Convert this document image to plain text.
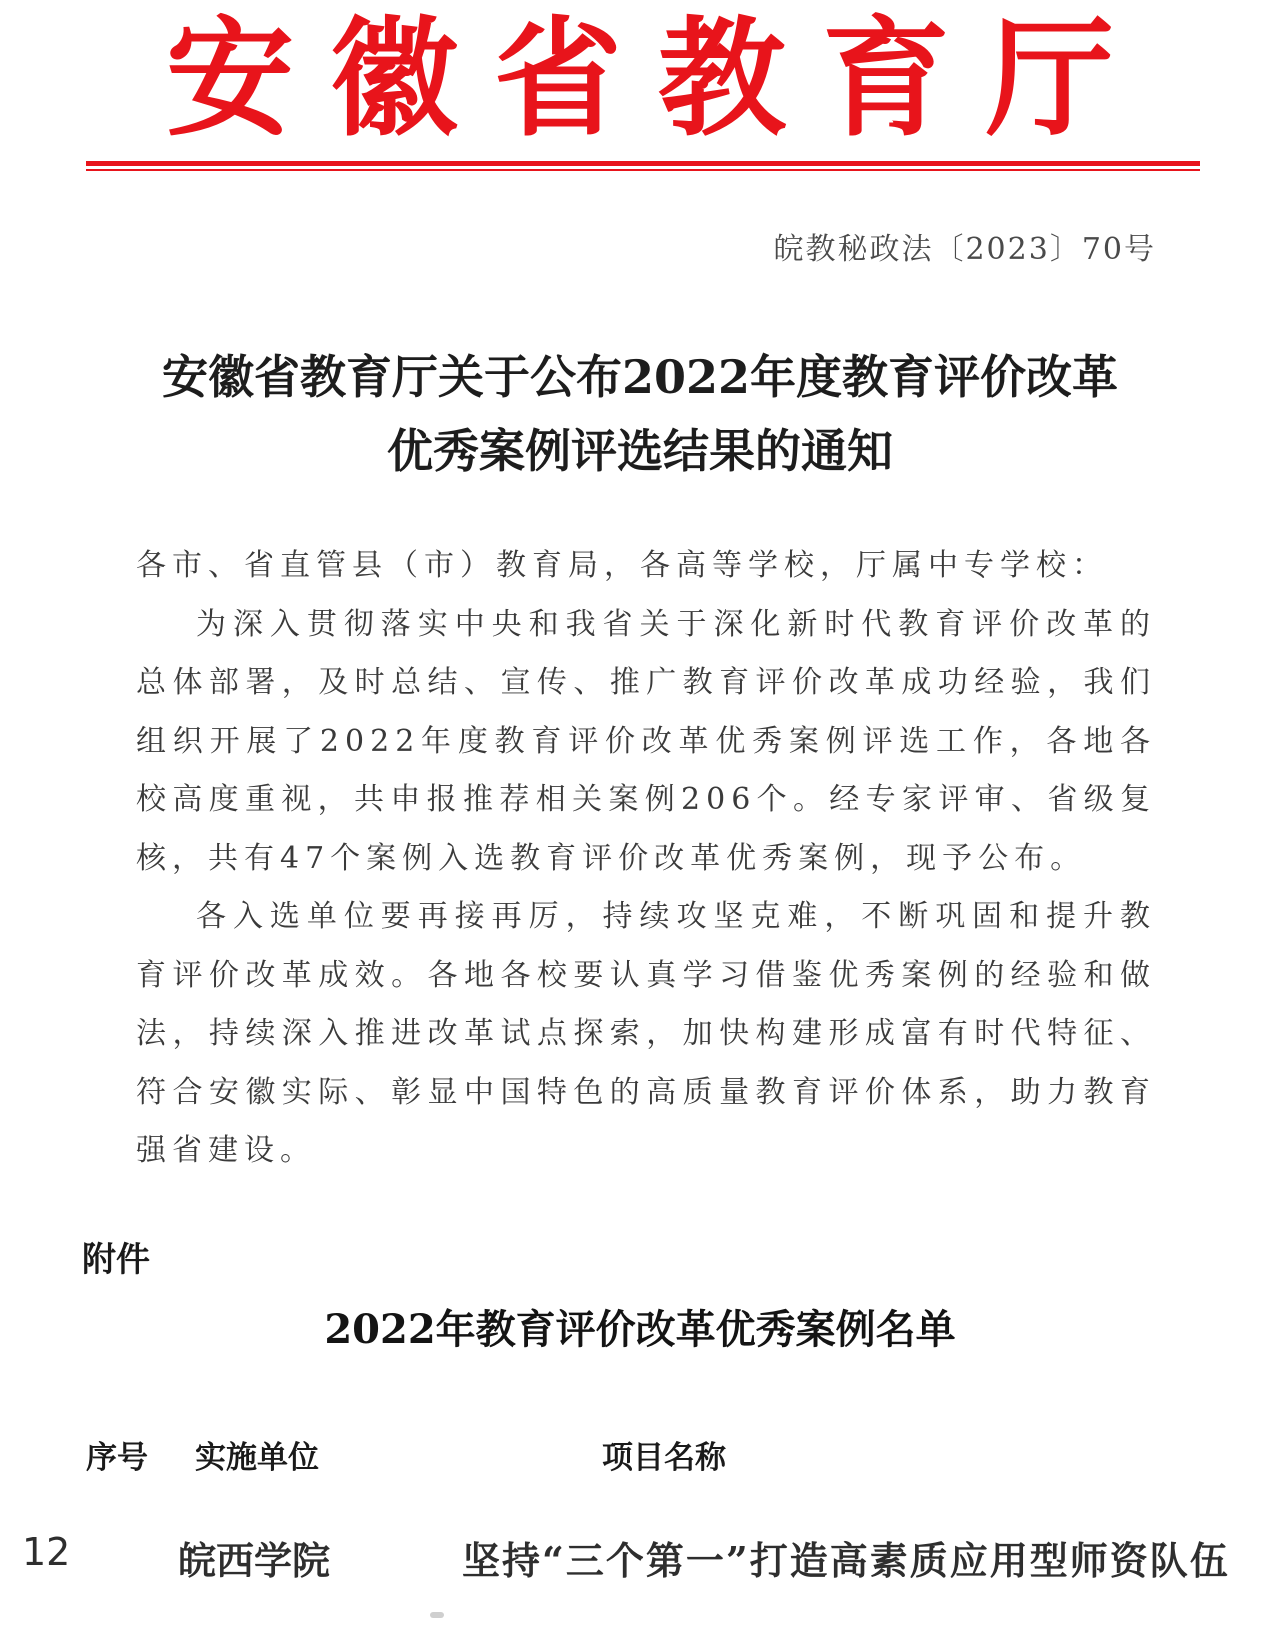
安徽省教育厅
皖教秘政法〔2023〕70号
安徽省教育厅关于公布2022年度教育评价改革
优秀案例评选结果的通知

各市、省直管县（市）教育局，各高等学校，厅属中专学校：

为深入贯彻落实中央和我省关于深化新时代教育评价改革的总体部署，及时总结、宣传、推广教育评价改革成功经验，我们组织开展了2022年度教育评价改革优秀案例评选工作，各地各校高度重视，共申报推荐相关案例206个。经专家评审、省级复核，共有47个案例入选教育评价改革优秀案例，现予公布。

各入选单位要再接再厉，持续攻坚克难，不断巩固和提升教育评价改革成效。各地各校要认真学习借鉴优秀案例的经验和做法，持续深入推进改革试点探索，加快构建形成富有时代特征、符合安徽实际、彰显中国特色的高质量教育评价体系，助力教育强省建设。

附件
2022年教育评价改革优秀案例名单
序号 实施单位	项目名称
12	皖西学院	坚持“三个第一”打造高素质应用型师资队伍
